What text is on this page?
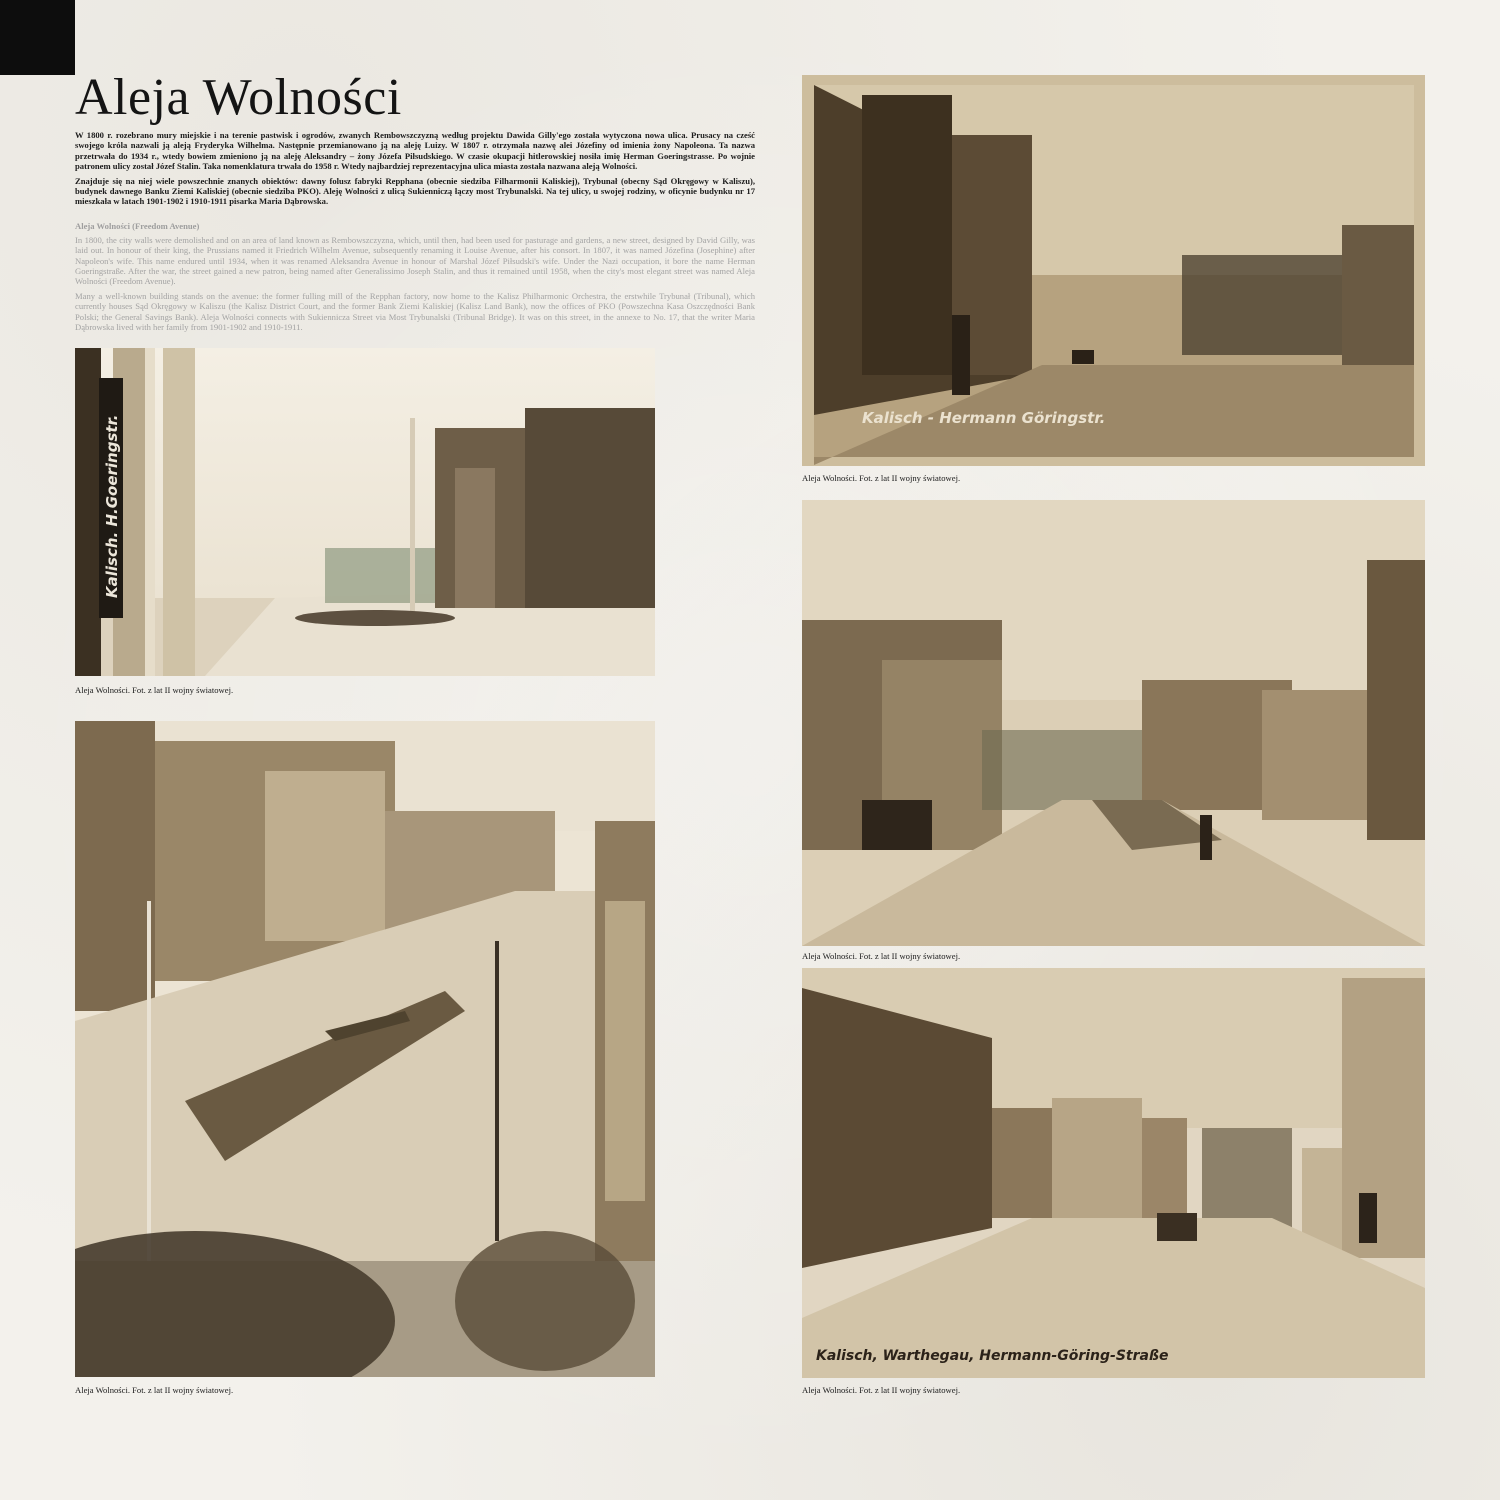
Aleja Wolności

W 1800 r. rozebrano mury miejskie i na terenie pastwisk i ogrodów, zwanych Rembowszczyzną według projektu Dawida Gilly'ego została wytyczona nowa ulica. Prusacy na cześć swojego króla nazwali ją aleją Fryderyka Wilhelma. Następnie przemianowano ją na aleję Luizy. W 1807 r. otrzymała nazwę alei Józefiny od imienia żony Napoleona. Ta nazwa przetrwała do 1934 r., wtedy bowiem zmieniono ją na aleję Aleksandry – żony Józefa Piłsudskiego. W czasie okupacji hitlerowskiej nosiła imię Herman Goeringstrasse. Po wojnie patronem ulicy został Józef Stalin. Taka nomenklatura trwała do 1958 r. Wtedy najbardziej reprezentacyjna ulica miasta została nazwana aleją Wolności.

Znajduje się na niej wiele powszechnie znanych obiektów: dawny folusz fabryki Repphana (obecnie siedziba Filharmonii Kaliskiej), Trybunał (obecny Sąd Okręgowy w Kaliszu), budynek dawnego Banku Ziemi Kaliskiej (obecnie siedziba PKO). Aleję Wolności z ulicą Sukienniczą łączy most Trybunalski. Na tej ulicy, u swojej rodziny, w oficynie budynku nr 17 mieszkała w latach 1901-1902 i 1910-1911 pisarka Maria Dąbrowska.

Aleja Wolności (Freedom Avenue)

In 1800, the city walls were demolished and on an area of land known as Rembowszczyzna, which, until then, had been used for pasturage and gardens, a new street, designed by David Gilly, was laid out. In honour of their king, the Prussians named it Friedrich Wilhelm Avenue, subsequently renaming it Louise Avenue, after his consort. In 1807, it was named Józefina (Josephine) after Napoleon's wife. This name endured until 1934, when it was renamed Aleksandra Avenue in honour of Marshal Józef Piłsudski's wife. Under the Nazi occupation, it bore the name Herman Goeringstraße. After the war, the street gained a new patron, being named after Generalissimo Joseph Stalin, and thus it remained until 1958, when the city's most elegant street was named Aleja Wolności (Freedom Avenue).

Many a well-known building stands on the avenue: the former fulling mill of the Repphan factory, now home to the Kalisz Philharmonic Orchestra, the erstwhile Trybunał (Tribunal), which currently houses Sąd Okręgowy w Kaliszu (the Kalisz District Court, and the former Bank Ziemi Kaliskiej (Kalisz Land Bank), now the offices of PKO (Powszechna Kasa Oszczędności Bank Polski; the General Savings Bank). Aleja Wolności connects with Sukiennicza Street via Most Trybunalski (Tribunal Bridge). It was on this street, in the annexe to No. 17, that the writer Maria Dąbrowska lived with her family from 1901-1902 and 1910-1911.

Kalisch. H.Goeringstr.

Aleja Wolności. Fot. z lat II wojny światowej.

Aleja Wolności. Fot. z lat II wojny światowej.

Kalisch - Hermann Göringstr.

Aleja Wolności. Fot. z lat II wojny światowej.

Aleja Wolności. Fot. z lat II wojny światowej.

Kalisch, Warthegau, Hermann-Göring-Straße

Aleja Wolności. Fot. z lat II wojny światowej.
